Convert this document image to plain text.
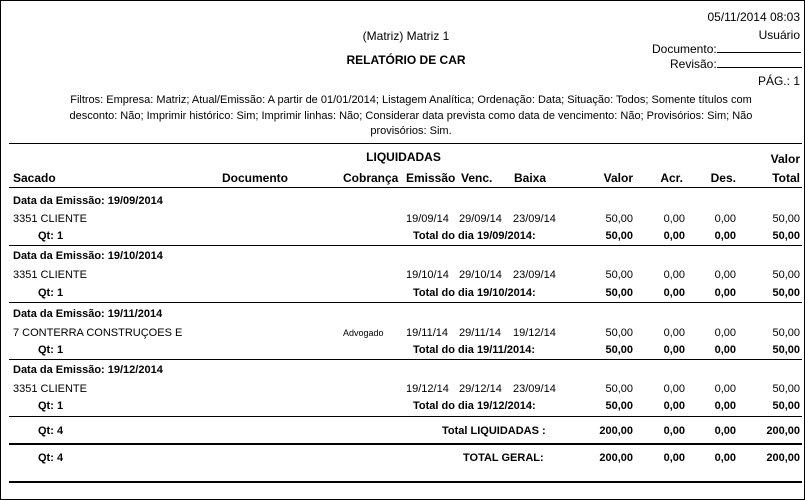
05/11/2014 08:03
Usuário
Documento:
Revisão:
PÁG.: 1
(Matriz) Matriz 1
RELATÓRIO DE CAR
Filtros: Empresa: Matriz; Atual/Emissão: A partir de 01/01/2014; Listagem Analítica; Ordenação: Data; Situação: Todos; Somente títulos com
desconto: Não; Imprimir histórico: Sim; Imprimir linhas: Não; Considerar data prevista como data de vencimento: Não; Provisórios: Sim; Não
provisórios: Sim.
LIQUIDADAS	Valor
Sacado	Documento	Cobrança Emissão Venc. Baixa	Valor	Acr.	Des.	Total
Data da Emissão: 19/09/2014
3351 CLIENTE	19/09/14 29/09/14 23/09/14	50,00	0,00	0,00	50,00
Qt: 1	Total do dia 19/09/2014:	50,00	0,00	0,00	50,00
Data da Emissão: 19/10/2014
3351 CLIENTE	19/10/14 29/10/14 23/09/14	50,00	0,00	0,00	50,00
Qt: 1	Total do dia 19/10/2014:	50,00	0,00	0,00	50,00
Data da Emissão: 19/11/2014
7 CONTERRA CONSTRUÇOES E	Advogado 19/11/14 29/11/14 19/12/14	50,00	0,00	0,00	50,00
Qt: 1	Total do dia 19/11/2014:	50,00	0,00	0,00	50,00
Data da Emissão: 19/12/2014
3351 CLIENTE	19/12/14 29/12/14 23/09/14	50,00	0,00	0,00	50,00
Qt: 1	Total do dia 19/12/2014:	50,00	0,00	0,00	50,00
Qt: 4	Total LIQUIDADAS :	200,00	0,00	0,00	200,00
Qt: 4	TOTAL GERAL:	200,00	0,00	0,00	200,00
